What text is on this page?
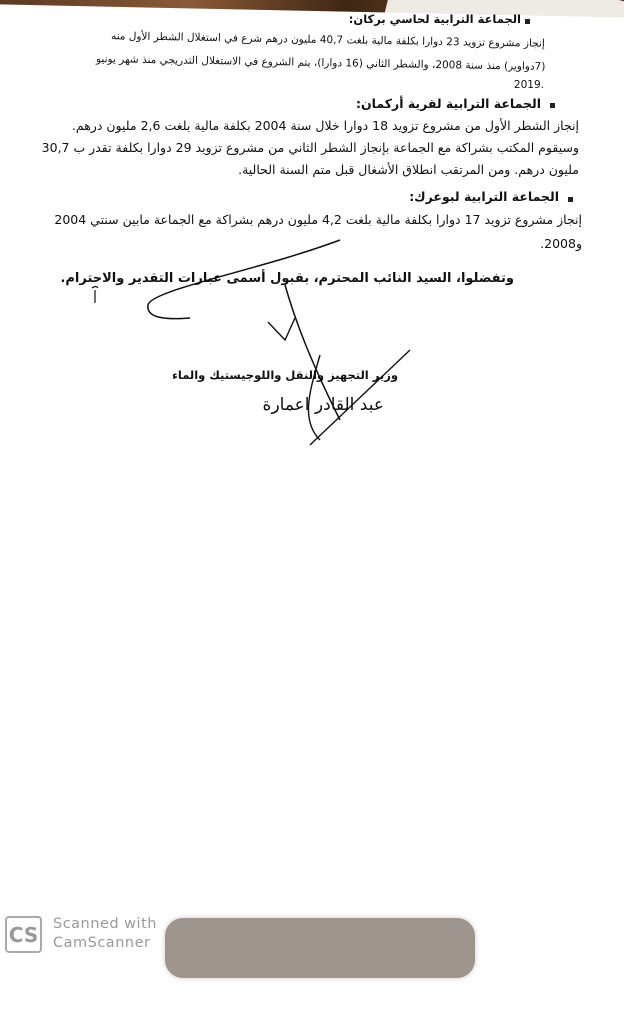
الجماعة الترابية لحاسي بركان:
إنجاز مشروع تزويد 23 دوارا بكلفة مالية بلغت 40,7 مليون درهم شرع في استغلال الشطر الأول منه
(7دواوير) منذ سنة 2008، والشطر الثاني (16 دوارا)، يتم الشروع في الاستغلال التدريجي منذ شهر يونيو
.2019
الجماعة الترابية لقرية أركمان:
إنجاز الشطر الأول من مشروع تزويد 18 دوارا خلال سنة 2004 بكلفة مالية بلغت 2,6 مليون درهم.
وسيقوم المكتب بشراكة مع الجماعة بإنجاز الشطر الثاني من مشروع تزويد 29 دوارا بكلفة تقدر ب 30,7
مليون درهم. ومن المرتقب انطلاق الأشغال قبل متم السنة الحالية.
الجماعة الترابية لبوعرك:
إنجاز مشروع تزويد 17 دوارا بكلفة مالية بلغت 4,2 مليون درهم بشراكة مع الجماعة مابين سنتي 2004
و2008.
وتفضلوا، السيد النائب المحترم، بقبول أسمى عبارات التقدير والاحترام.
وزير التجهيز والنقل واللوجيستيك والماء
عبد القادر اعمارة
CS Scanned with
CamScanner
